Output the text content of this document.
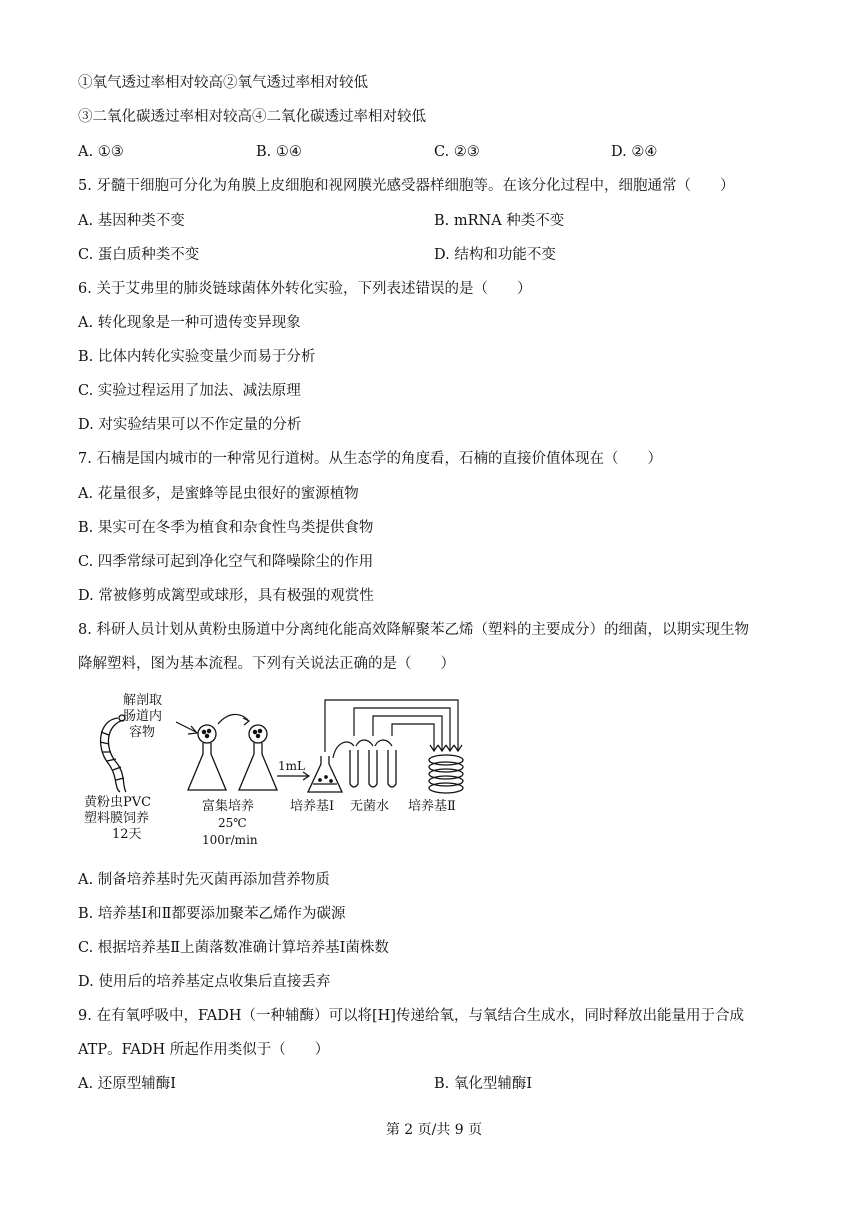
①氧气透过率相对较高②氧气透过率相对较低
③二氧化碳透过率相对较高④二氧化碳透过率相对较低
A. ①③	B. ①④	C. ②③	D. ②④
5. 牙髓干细胞可分化为角膜上皮细胞和视网膜光感受器样细胞等。在该分化过程中，细胞通常（　　）
A. 基因种类不变	B. mRNA 种类不变
C. 蛋白质种类不变	D. 结构和功能不变
6. 关于艾弗里的肺炎链球菌体外转化实验，下列表述错误的是（　　）
A. 转化现象是一种可遗传变异现象
B. 比体内转化实验变量少而易于分析
C. 实验过程运用了加法、减法原理
D. 对实验结果可以不作定量的分析
7. 石楠是国内城市的一种常见行道树。从生态学的角度看，石楠的直接价值体现在（　　）
A. 花量很多，是蜜蜂等昆虫很好的蜜源植物
B. 果实可在冬季为植食和杂食性鸟类提供食物
C. 四季常绿可起到净化空气和降噪除尘的作用
D. 常被修剪成篱型或球形，具有极强的观赏性
8. 科研人员计划从黄粉虫肠道中分离纯化能高效降解聚苯乙烯（塑料的主要成分）的细菌，以期实现生物
降解塑料，图为基本流程。下列有关说法正确的是（　　）
解剖取
肠道内
容物
1mL
黄粉虫PVC
塑料膜饲养
12天
富集培养
25℃
100r/min
培养基Ⅰ 无菌水 培养基Ⅱ
A. 制备培养基时先灭菌再添加营养物质
B. 培养基Ⅰ和Ⅱ都要添加聚苯乙烯作为碳源
C. 根据培养基Ⅱ上菌落数准确计算培养基Ⅰ菌株数
D. 使用后的培养基定点收集后直接丢弃
9. 在有氧呼吸中，FADH（一种辅酶）可以将[H]传递给氧，与氧结合生成水，同时释放出能量用于合成
ATP。FADH 所起作用类似于（　　）
A. 还原型辅酶Ⅰ	B. 氧化型辅酶Ⅰ
第 2 页/共 9 页
